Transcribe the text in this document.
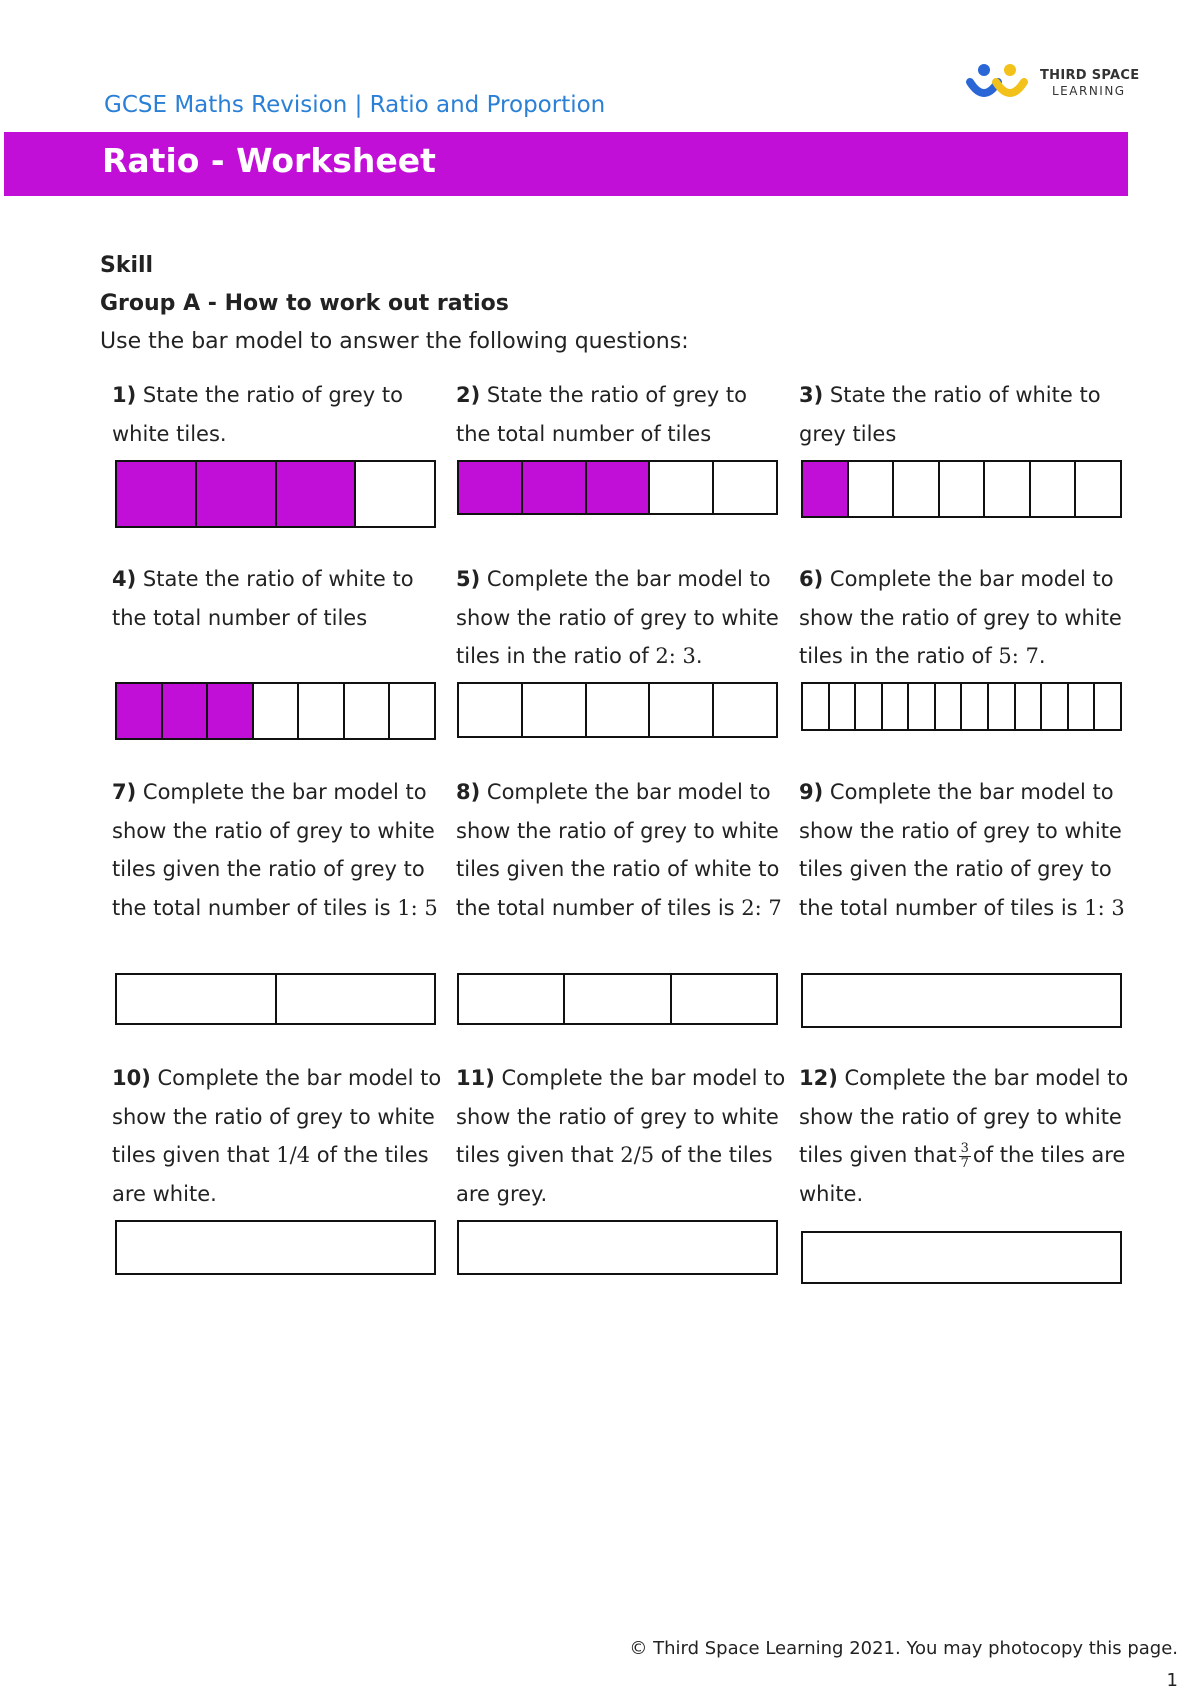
GCSE Maths Revision | Ratio and Proportion
THIRD SPACE
LEARNING
Ratio - Worksheet
Skill
Group A - How to work out ratios
Use the bar model to answer the following questions:
1) State the ratio of grey to white tiles.
2) State the ratio of grey to the total number of tiles
3) State the ratio of white to grey tiles
4) State the ratio of white to the total number of tiles
5) Complete the bar model to show the ratio of grey to white tiles in the ratio of 2: 3.
6) Complete the bar model to show the ratio of grey to white tiles in the ratio of 5: 7.
7) Complete the bar model to show the ratio of grey to white tiles given the ratio of grey to the total number of tiles is 1: 5
8) Complete the bar model to show the ratio of grey to white tiles given the ratio of white to the total number of tiles is 2: 7
9) Complete the bar model to show the ratio of grey to white tiles given the ratio of grey to the total number of tiles is 1: 3
10) Complete the bar model to show the ratio of grey to white tiles given that 1/4 of the tiles are white.
11) Complete the bar model to show the ratio of grey to white tiles given that 2/5 of the tiles are grey.
12) Complete the bar model to show the ratio of grey to white tiles given that $\frac{3}{7}$ of the tiles are white.
© Third Space Learning 2021. You may photocopy this page.
1
